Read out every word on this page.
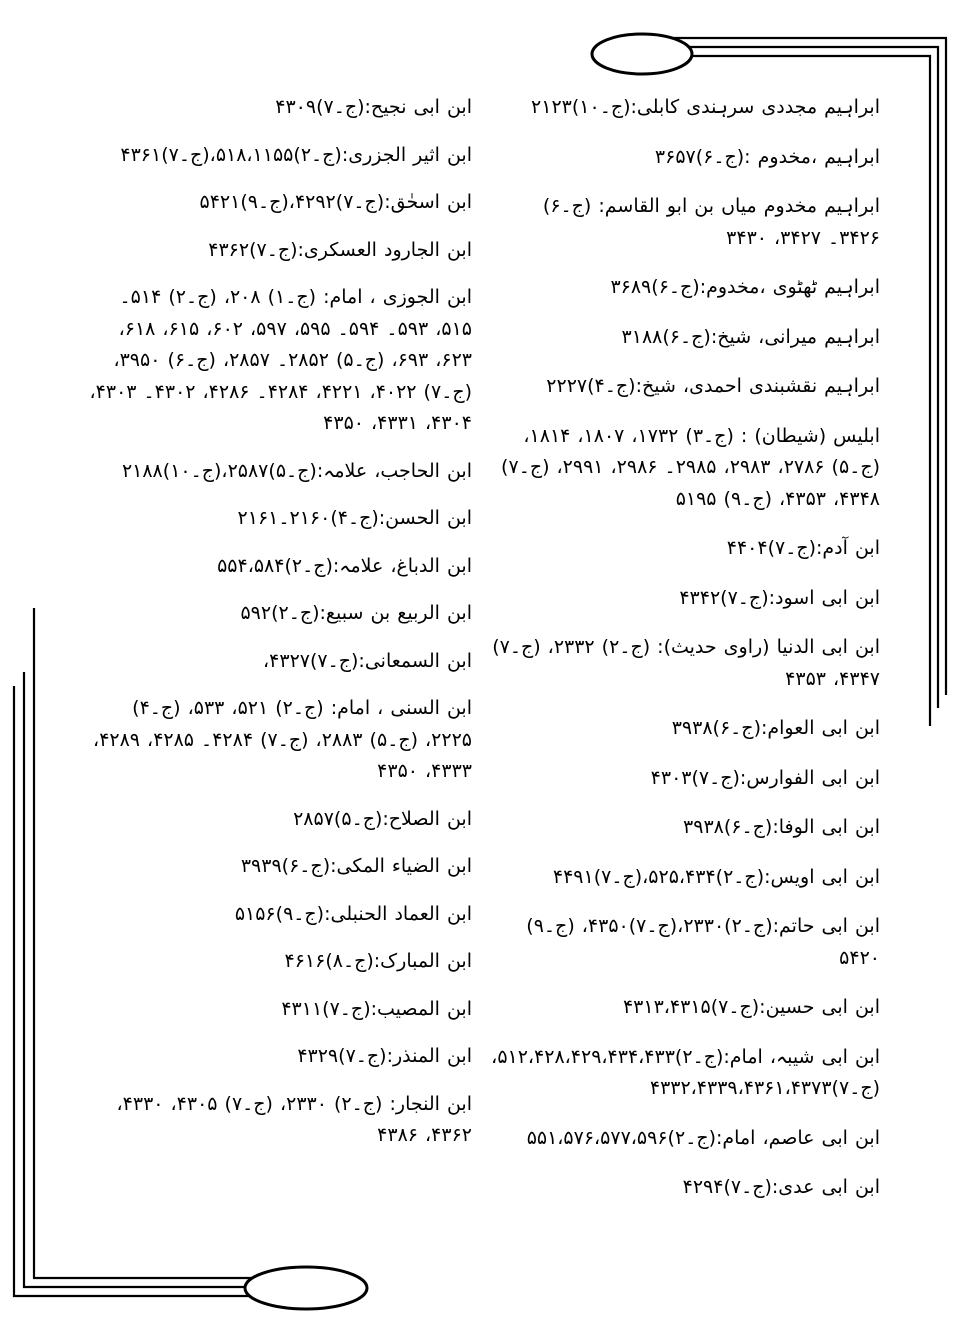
ابراہیم مجددی سرہندی کابلی:(ج۔۱۰)۲۱۲۳
ابراہیم ،مخدوم :(ج۔۶)۳۶۵۷
ابراہیم مخدوم میاں بن ابو القاسم: (ج۔۶) ۳۴۲۶۔ ۳۴۲۷، ۳۴۳۰
ابراہیم ٹھٹوی ،مخدوم:(ج۔۶)۳۶۸۹
ابراہیم میرانی، شیخ:(ج۔۶)۳۱۸۸
ابراہیم نقشبندی احمدی، شیخ:(ج۔۴)۲۲۲۷
ابلیس (شیطان) : (ج۔۳) ۱۷۳۲، ۱۸۰۷، ۱۸۱۴، (ج۔۵) ۲۷۸۶، ۲۹۸۳، ۲۹۸۵۔ ۲۹۸۶، ۲۹۹۱، (ج۔۷) ۴۳۴۸، ۴۳۵۳، (ج۔۹) ۵۱۹۵
ابن آدم:(ج۔۷)۴۴۰۴
ابن ابی اسود:(ج۔۷)۴۳۴۲
ابن ابی الدنیا (راوی حدیث): (ج۔۲) ۲۳۳۲، (ج۔۷) ۴۳۴۷، ۴۳۵۳
ابن ابی العوام:(ج۔۶)۳۹۳۸
ابن ابی الفوارس:(ج۔۷)۴۳۰۳
ابن ابی الوفا:(ج۔۶)۳۹۳۸
ابن ابی اویس:(ج۔۲)۵۲۵،۴۳۴،(ج۔۷)۴۴۹۱
ابن ابی حاتم:(ج۔۲)۲۳۳۰،(ج۔۷)۴۳۵۰، (ج۔۹) ۵۴۲۰
ابن ابی حسین:(ج۔۷)۴۳۱۳،۴۳۱۵
ابن ابی شیبہ، امام:(ج۔۲)۵۱۲،۴۲۸،۴۲۹،۴۳۴،۴۳۳، (ج۔۷)۴۳۳۲،۴۳۳۹،۴۳۶۱،۴۳۷۳
ابن ابی عاصم، امام:(ج۔۲)۵۵۱،۵۷۶،۵۷۷،۵۹۶
ابن ابی عدی:(ج۔۷)۴۲۹۴
ابن ابی نجیح:(ج۔۷)۴۳۰۹
ابن اثیر الجزری:(ج۔۲)۵۱۸،۱۱۵۵،(ج۔۷)۴۳۶۱
ابن اسحٰق:(ج۔۷)۴۲۹۲،(ج۔۹)۵۴۲۱
ابن الجارود العسکری:(ج۔۷)۴۳۶۲
ابن الجوزی ، امام: (ج۔۱) ۲۰۸، (ج۔۲) ۵۱۴۔ ۵۱۵، ۵۹۳۔ ۵۹۴۔ ۵۹۵، ۵۹۷، ۶۰۲، ۶۱۵، ۶۱۸، ۶۲۳، ۶۹۳، (ج۔۵) ۲۸۵۲۔ ۲۸۵۷، (ج۔۶) ۳۹۵۰، (ج۔۷) ۴۰۲۲، ۴۲۲۱، ۴۲۸۴۔ ۴۲۸۶، ۴۳۰۲۔ ۴۳۰۳، ۴۳۰۴، ۴۳۳۱، ۴۳۵۰
ابن الحاجب، علامہ:(ج۔۵)۲۵۸۷،(ج۔۱۰)۲۱۸۸
ابن الحسن:(ج۔۴)۲۱۶۰۔۲۱۶۱
ابن الدباغ، علامہ:(ج۔۲)۵۵۴،۵۸۴
ابن الربیع بن سبیع:(ج۔۲)۵۹۲
ابن السمعانی:(ج۔۷)۴۳۲۷،
ابن السنی ، امام: (ج۔۲) ۵۲۱، ۵۳۳، (ج۔۴) ۲۲۲۵، (ج۔۵) ۲۸۸۳، (ج۔۷) ۴۲۸۴۔ ۴۲۸۵، ۴۲۸۹، ۴۳۳۳، ۴۳۵۰
ابن الصلاح:(ج۔۵)۲۸۵۷
ابن الضیاء المکی:(ج۔۶)۳۹۳۹
ابن العماد الحنبلی:(ج۔۹)۵۱۵۶
ابن المبارک:(ج۔۸)۴۶۱۶
ابن المصیب:(ج۔۷)۴۳۱۱
ابن المنذر:(ج۔۷)۴۳۲۹
ابن النجار: (ج۔۲) ۲۳۳۰، (ج۔۷) ۴۳۰۵، ۴۳۳۰، ۴۳۶۲، ۴۳۸۶
